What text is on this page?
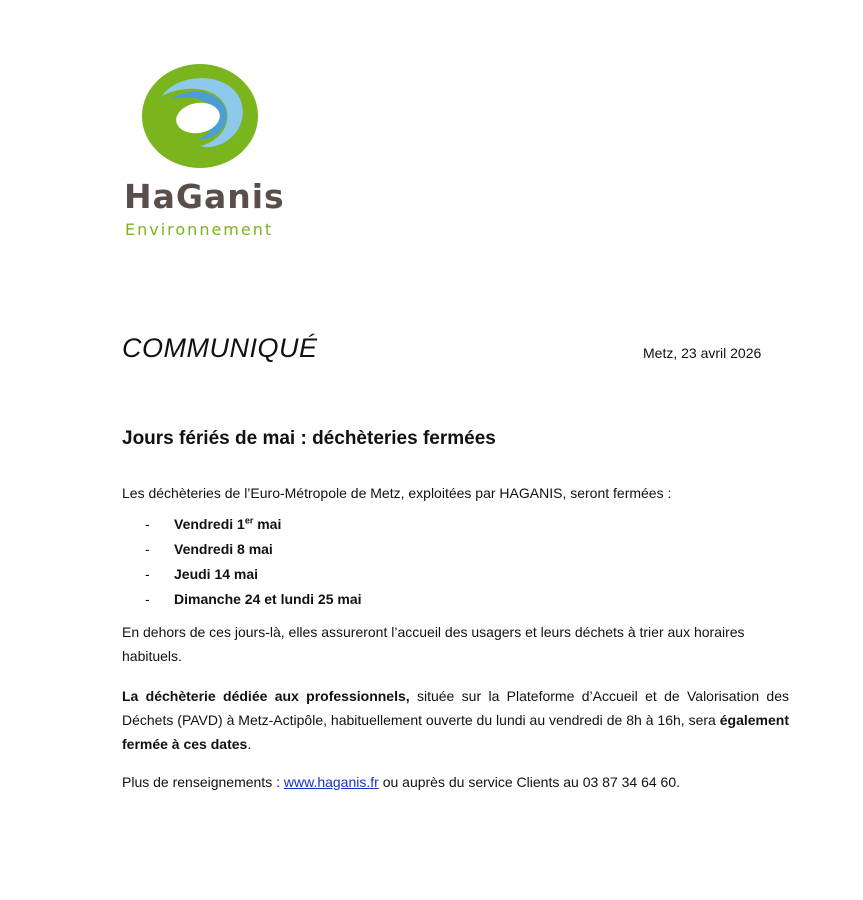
HaGanis
Environnement
COMMUNIQUÉ	Metz, 23 avril 2026
Jours fériés de mai : déchèteries fermées
Les déchèteries de l’Euro-Métropole de Metz, exploitées par HAGANIS, seront fermées :
- Vendredi 1er mai
- Vendredi 8 mai
- Jeudi 14 mai
- Dimanche 24 et lundi 25 mai
En dehors de ces jours-là, elles assureront l’accueil des usagers et leurs déchets à trier aux horaires habituels.
La déchèterie dédiée aux professionnels, située sur la Plateforme d’Accueil et de Valorisation des Déchets (PAVD) à Metz-Actipôle, habituellement ouverte du lundi au vendredi de 8h à 16h, sera également fermée à ces dates.
Plus de renseignements : www.haganis.fr ou auprès du service Clients au 03 87 34 64 60.
